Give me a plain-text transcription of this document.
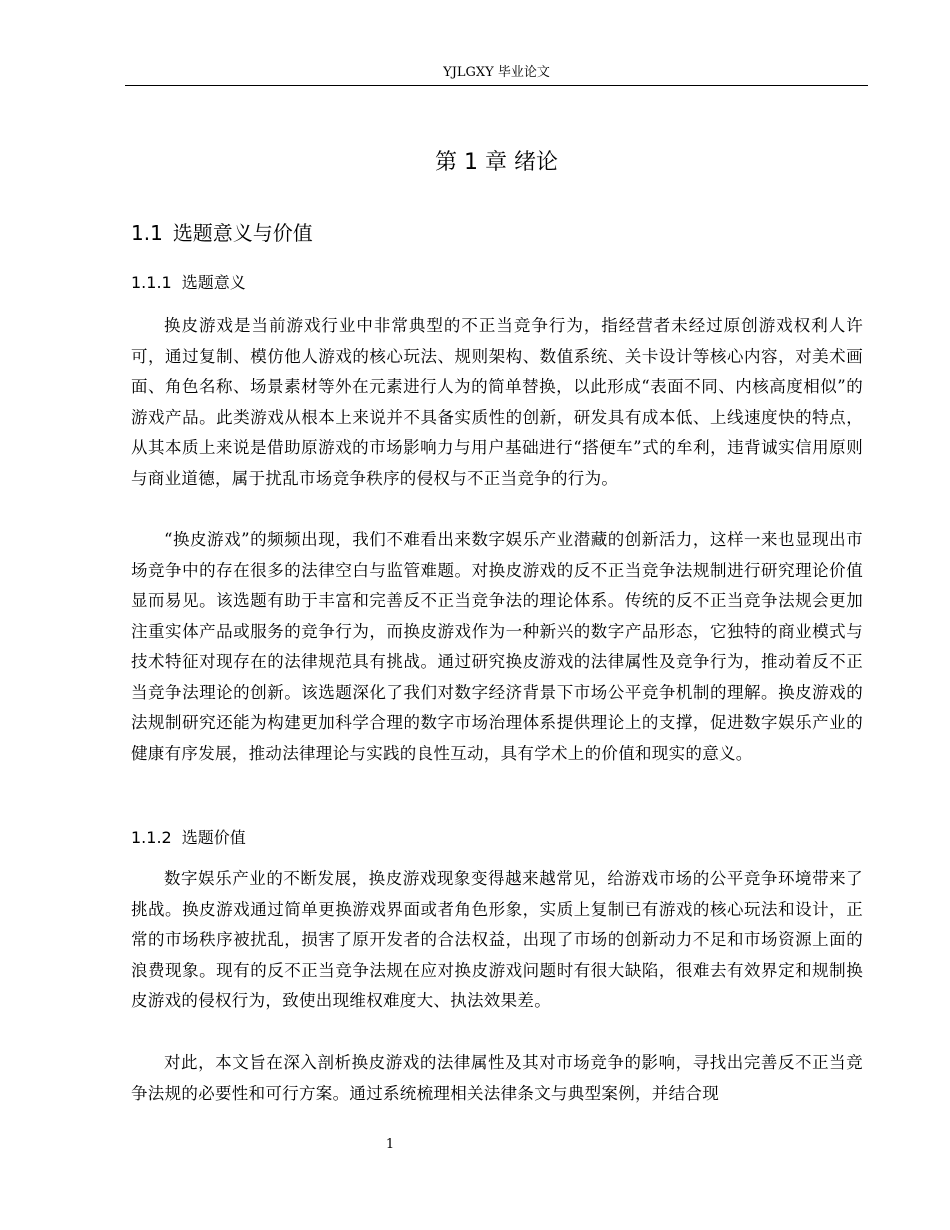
YJLGXY 毕业论文
第 1 章 绪论
1.1 选题意义与价值
1.1.1 选题意义

换皮游戏是当前游戏行业中非常典型的不正当竞争行为，指经营者未经过原创游戏权利人许可，通过复制、模仿他人游戏的核心玩法、规则架构、数值系统、关卡设计等核心内容，对美术画面、角色名称、场景素材等外在元素进行人为的简单替换，以此形成“表面不同、内核高度相似”的游戏产品。此类游戏从根本上来说并不具备实质性的创新，研发具有成本低、上线速度快的特点，从其本质上来说是借助原游戏的市场影响力与用户基础进行“搭便车”式的牟利，违背诚实信用原则与商业道德，属于扰乱市场竞争秩序的侵权与不正当竞争的行为。

“换皮游戏”的频频出现，我们不难看出来数字娱乐产业潜藏的创新活力，这样一来也显现出市场竞争中的存在很多的法律空白与监管难题。对换皮游戏的反不正当竞争法规制进行研究理论价值显而易见。该选题有助于丰富和完善反不正当竞争法的理论体系。传统的反不正当竞争法规会更加注重实体产品或服务的竞争行为，而换皮游戏作为一种新兴的数字产品形态，它独特的商业模式与技术特征对现存在的法律规范具有挑战。通过研究换皮游戏的法律属性及竞争行为，推动着反不正当竞争法理论的创新。该选题深化了我们对数字经济背景下市场公平竞争机制的理解。换皮游戏的法规制研究还能为构建更加科学合理的数字市场治理体系提供理论上的支撑，促进数字娱乐产业的健康有序发展，推动法律理论与实践的良性互动，具有学术上的价值和现实的意义。

1.1.2 选题价值

数字娱乐产业的不断发展，换皮游戏现象变得越来越常见，给游戏市场的公平竞争环境带来了挑战。换皮游戏通过简单更换游戏界面或者角色形象，实质上复制已有游戏的核心玩法和设计，正常的市场秩序被扰乱，损害了原开发者的合法权益，出现了市场的创新动力不足和市场资源上面的浪费现象。现有的反不正当竞争法规在应对换皮游戏问题时有很大缺陷，很难去有效界定和规制换皮游戏的侵权行为，致使出现维权难度大、执法效果差。

对此，本文旨在深入剖析换皮游戏的法律属性及其对市场竞争的影响，寻找出完善反不正当竞争法规的必要性和可行方案。通过系统梳理相关法律条文与典型案例，并结合现

1
